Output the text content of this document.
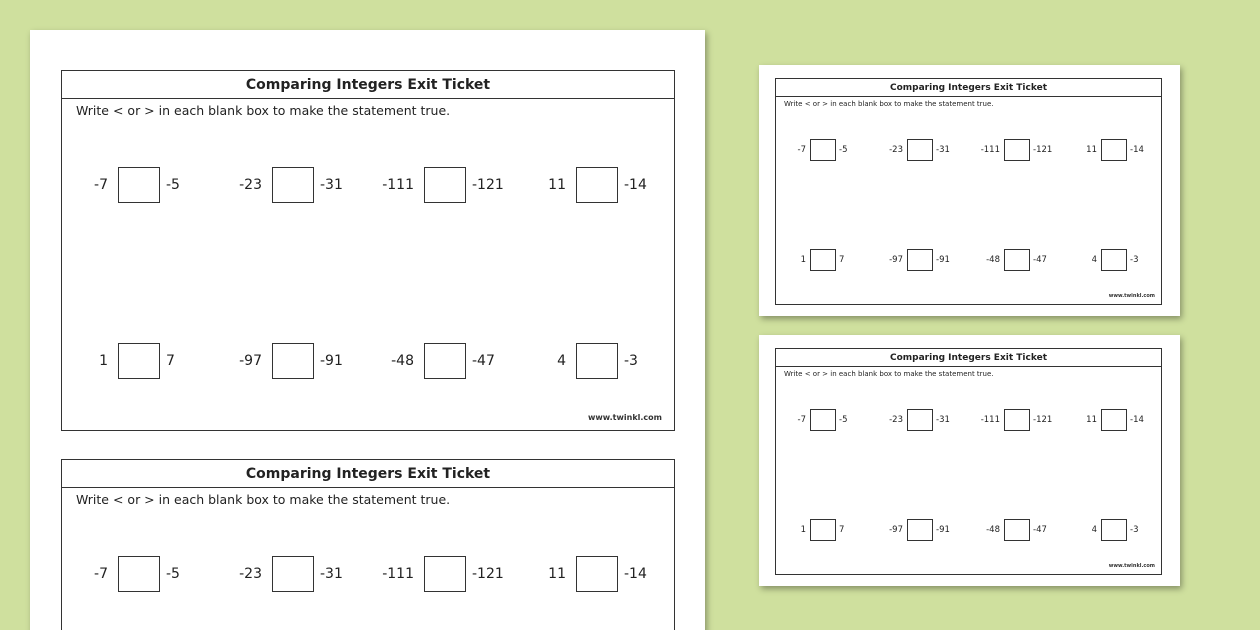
Comparing Integers Exit Ticket
Write < or > in each blank box to make the statement true.
-7	-5	-23	-31	-111	-121	11	-14
1	7	-97	-91	-48	-47	4	-3
www.twinkl.com
Comparing Integers Exit Ticket
Write < or > in each blank box to make the statement true.
-7	-5	-23	-31	-111	-121	11	-14
Comparing Integers Exit Ticket
Write < or > in each blank box to make the statement true.
-7	-5	-23	-31	-111	-121	11	-14
1	7	-97	-91	-48	-47	4	-3
www.twinkl.com
Comparing Integers Exit Ticket
Write < or > in each blank box to make the statement true.
-7	-5	-23	-31	-111	-121	11	-14
1	7	-97	-91	-48	-47	4	-3
www.twinkl.com
